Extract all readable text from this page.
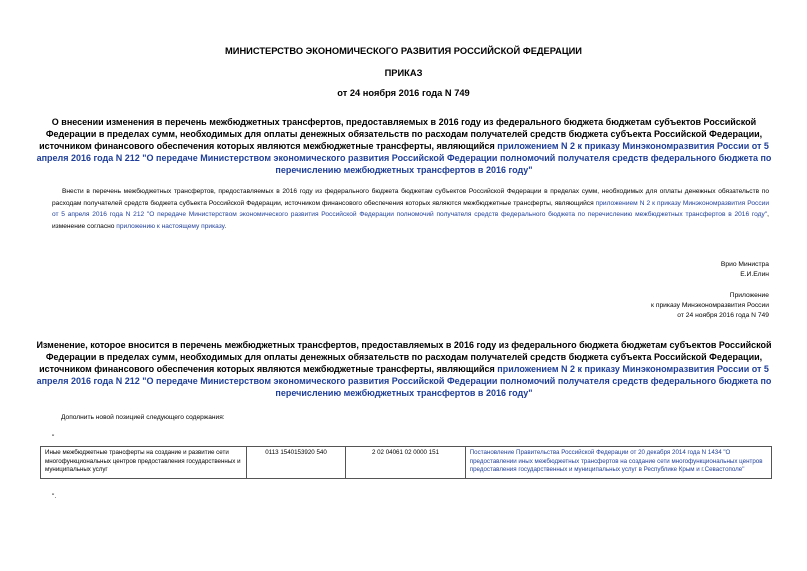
МИНИСТЕРСТВО ЭКОНОМИЧЕСКОГО РАЗВИТИЯ РОССИЙСКОЙ ФЕДЕРАЦИИ
ПРИКАЗ
от 24 ноября 2016 года N 749
О внесении изменения в перечень межбюджетных трансфертов, предоставляемых в 2016 году из федерального бюджета бюджетам субъектов Российской Федерации в пределах сумм, необходимых для оплаты денежных обязательств по расходам получателей средств бюджета субъекта Российской Федерации, источником финансового обеспечения которых являются межбюджетные трансферты, являющийся приложением N 2 к приказу Минэкономразвития России от 5 апреля 2016 года N 212 "О передаче Министерством экономического развития Российской Федерации полномочий получателя средств федерального бюджета по перечислению межбюджетных трансфертов в 2016 году"
Внести в перечень межбюджетных трансфертов, предоставляемых в 2016 году из федерального бюджета бюджетам субъектов Российской Федерации в пределах сумм, необходимых для оплаты денежных обязательств по расходам получателей средств бюджета субъекта Российской Федерации, источником финансового обеспечения которых являются межбюджетные трансферты, являющийся приложением N 2 к приказу Минэкономразвития России от 5 апреля 2016 года N 212 "О передаче Министерством экономического развития Российской Федерации полномочий получателя средств федерального бюджета по перечислению межбюджетных трансфертов в 2016 году", изменение согласно приложению к настоящему приказу.
Врио Министра
Е.И.Елин
Приложение
к приказу Минэкономразвития России
от 24 ноября 2016 года N 749
Изменение, которое вносится в перечень межбюджетных трансфертов, предоставляемых в 2016 году из федерального бюджета бюджетам субъектов Российской Федерации в пределах сумм, необходимых для оплаты денежных обязательств по расходам получателей средств бюджета субъекта Российской Федерации, источником финансового обеспечения которых являются межбюджетные трансферты, являющийся приложением N 2 к приказу Минэкономразвития России от 5 апреля 2016 года N 212 "О передаче Министерством экономического развития Российской Федерации полномочий получателя средств федерального бюджета по перечислению межбюджетных трансфертов в 2016 году"
Дополнить новой позицией следующего содержания:
"
Иные межбюджетные трансферты на создание и развитие сети многофункциональных центров предоставления государственных и муниципальных услуг	0113 1540153920 540	2 02 04061 02 0000 151	Постановление Правительства Российской Федерации от 20 декабря 2014 года N 1434 "О предоставлении иных межбюджетных трансфертов на создание сети многофункциональных центров предоставления государственных и муниципальных услуг в Республике Крым и г.Севастополе"
".
